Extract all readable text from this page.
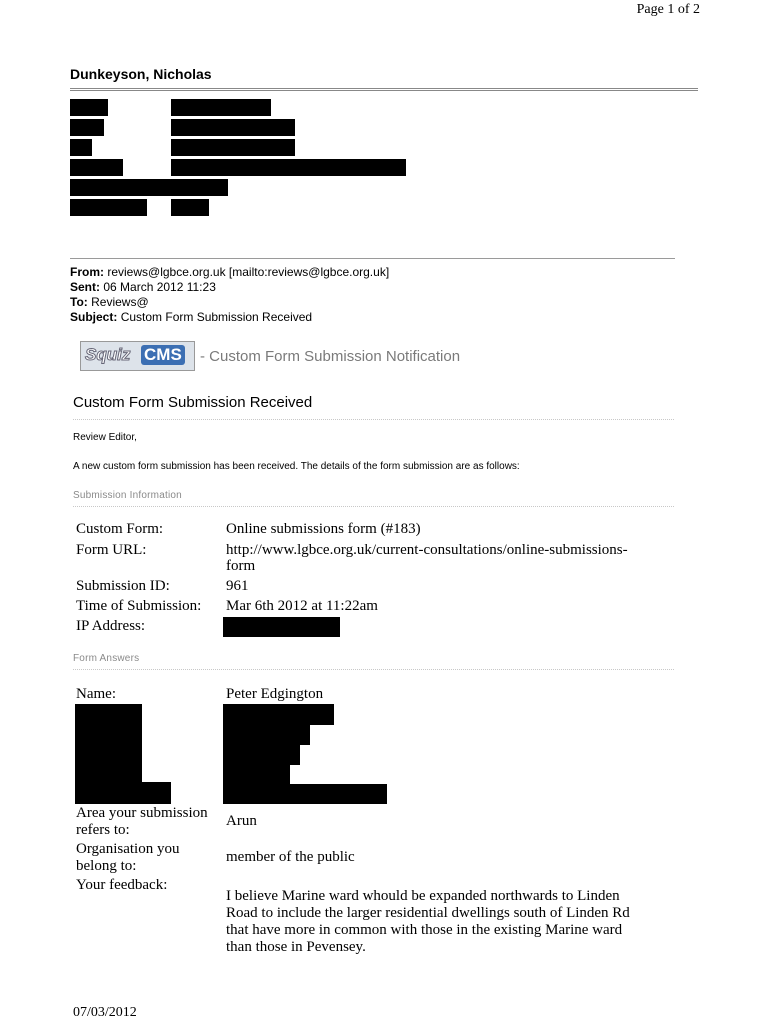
Page 1 of 2
Dunkeyson, Nicholas
From: reviews@lgbce.org.uk [mailto:reviews@lgbce.org.uk]
Sent: 06 March 2012 11:23
To: Reviews@
Subject: Custom Form Submission Received
Squiz CMS - Custom Form Submission Notification
Custom Form Submission Received
Review Editor,
A new custom form submission has been received. The details of the form submission are as follows:
Submission Information
Custom Form:	Online submissions form (#183)
Form URL:	http://www.lgbce.org.uk/current-consultations/online-submissions-
form
Submission ID:	961
Time of Submission: Mar 6th 2012 at 11:22am
IP Address:
Form Answers
Name:	Peter Edgington
Area your submission
refers to:
Arun
Organisation you
belong to:
member of the public
Your feedback:
I believe Marine ward whould be expanded northwards to Linden
Road to include the larger residential dwellings south of Linden Rd
that have more in common with those in the existing Marine ward
than those in Pevensey.
07/03/2012
